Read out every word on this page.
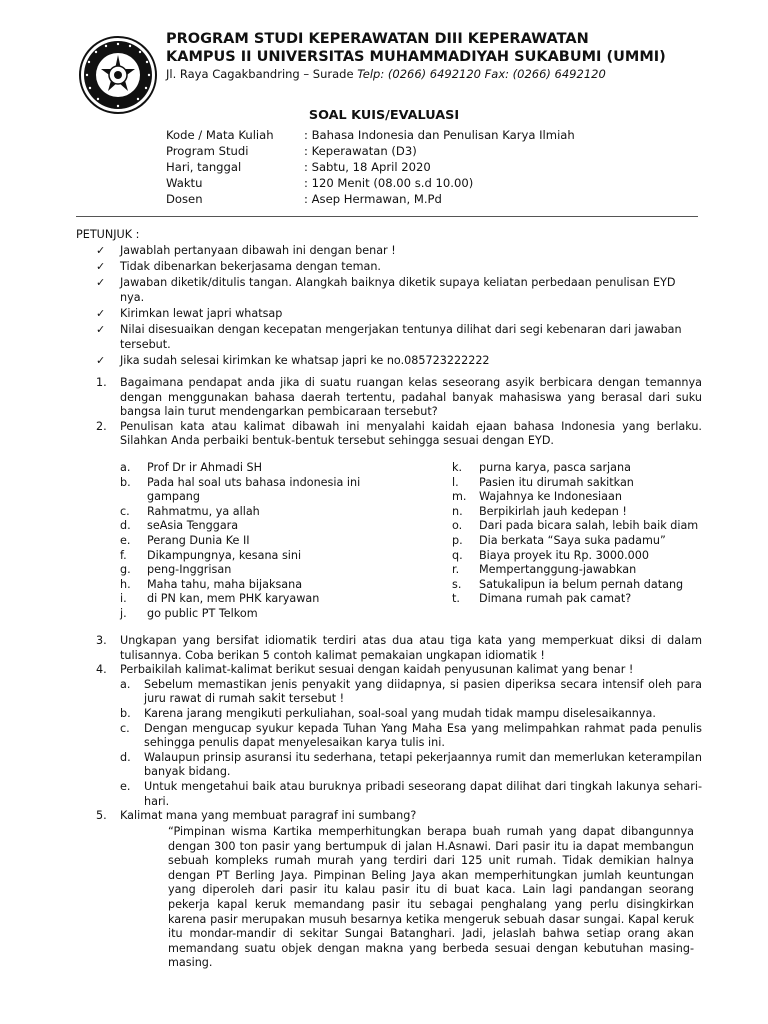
PROGRAM STUDI KEPERAWATAN DIII KEPERAWATAN
KAMPUS II UNIVERSITAS MUHAMMADIYAH SUKABUMI (UMMI)
Jl. Raya Cagakbandring – Surade Telp: (0266) 6492120 Fax: (0266) 6492120
SOAL KUIS/EVALUASI
Kode / Mata Kuliah	: Bahasa Indonesia dan Penulisan Karya Ilmiah
Program Studi	: Keperawatan (D3)
Hari, tanggal	: Sabtu, 18 April 2020
Waktu	: 120 Menit (08.00 s.d 10.00)
Dosen	: Asep Hermawan, M.Pd
PETUNJUK :
✓ Jawablah pertanyaan dibawah ini dengan benar !
✓ Tidak dibenarkan bekerjasama dengan teman.
✓ Jawaban diketik/ditulis tangan. Alangkah baiknya diketik supaya keliatan perbedaan penulisan EYD nya.
✓ Kirimkan lewat japri whatsap
✓ Nilai disesuaikan dengan kecepatan mengerjakan tentunya dilihat dari segi kebenaran dari jawaban tersebut.
✓ Jika sudah selesai kirimkan ke whatsap japri ke no.085723222222
1. Bagaimana pendapat anda jika di suatu ruangan kelas seseorang asyik berbicara dengan temannya dengan menggunakan bahasa daerah tertentu, padahal banyak mahasiswa yang berasal dari suku bangsa lain turut mendengarkan pembicaraan tersebut?
2. Penulisan kata atau kalimat dibawah ini menyalahi kaidah ejaan bahasa Indonesia yang berlaku. Silahkan Anda perbaiki bentuk-bentuk tersebut sehingga sesuai dengan EYD.
a. Prof Dr ir Ahmadi SH
b. Pada hal soal uts bahasa indonesia ini gampang
c. Rahmatmu, ya allah
d. seAsia Tenggara
e. Perang Dunia Ke II
f. Dikampungnya, kesana sini
g. peng-Inggrisan
h. Maha tahu, maha bijaksana
i. di PN kan, mem PHK karyawan
j. go public PT Telkom
k. purna karya, pasca sarjana
l. Pasien itu dirumah sakitkan
m. Wajahnya ke Indonesiaan
n. Berpikirlah jauh kedepan !
o. Dari pada bicara salah, lebih baik diam
p. Dia berkata “Saya suka padamu”
q. Biaya proyek itu Rp. 3000.000
r. Mempertanggung-jawabkan
s. Satukalipun ia belum pernah datang
t. Dimana rumah pak camat?
3. Ungkapan yang bersifat idiomatik terdiri atas dua atau tiga kata yang memperkuat diksi di dalam tulisannya. Coba berikan 5 contoh kalimat pemakaian ungkapan idiomatik !
4. Perbaikilah kalimat-kalimat berikut sesuai dengan kaidah penyusunan kalimat yang benar !
a. Sebelum memastikan jenis penyakit yang diidapnya, si pasien diperiksa secara intensif oleh para juru rawat di rumah sakit tersebut !
b. Karena jarang mengikuti perkuliahan, soal-soal yang mudah tidak mampu diselesaikannya.
c. Dengan mengucap syukur kepada Tuhan Yang Maha Esa yang melimpahkan rahmat pada penulis sehingga penulis dapat menyelesaikan karya tulis ini.
d. Walaupun prinsip asuransi itu sederhana, tetapi pekerjaannya rumit dan memerlukan keterampilan banyak bidang.
e. Untuk mengetahui baik atau buruknya pribadi seseorang dapat dilihat dari tingkah lakunya sehari-hari.
5. Kalimat mana yang membuat paragraf ini sumbang?
“Pimpinan wisma Kartika memperhitungkan berapa buah rumah yang dapat dibangunnya dengan 300 ton pasir yang bertumpuk di jalan H.Asnawi. Dari pasir itu ia dapat membangun sebuah kompleks rumah murah yang terdiri dari 125 unit rumah. Tidak demikian halnya dengan PT Berling Jaya. Pimpinan Beling Jaya akan memperhitungkan jumlah keuntungan yang diperoleh dari pasir itu kalau pasir itu di buat kaca. Lain lagi pandangan seorang pekerja kapal keruk memandang pasir itu sebagai penghalang yang perlu disingkirkan karena pasir merupakan musuh besarnya ketika mengeruk sebuah dasar sungai. Kapal keruk itu mondar-mandir di sekitar Sungai Batanghari. Jadi, jelaslah bahwa setiap orang akan memandang suatu objek dengan makna yang berbeda sesuai dengan kebutuhan masing-masing.
